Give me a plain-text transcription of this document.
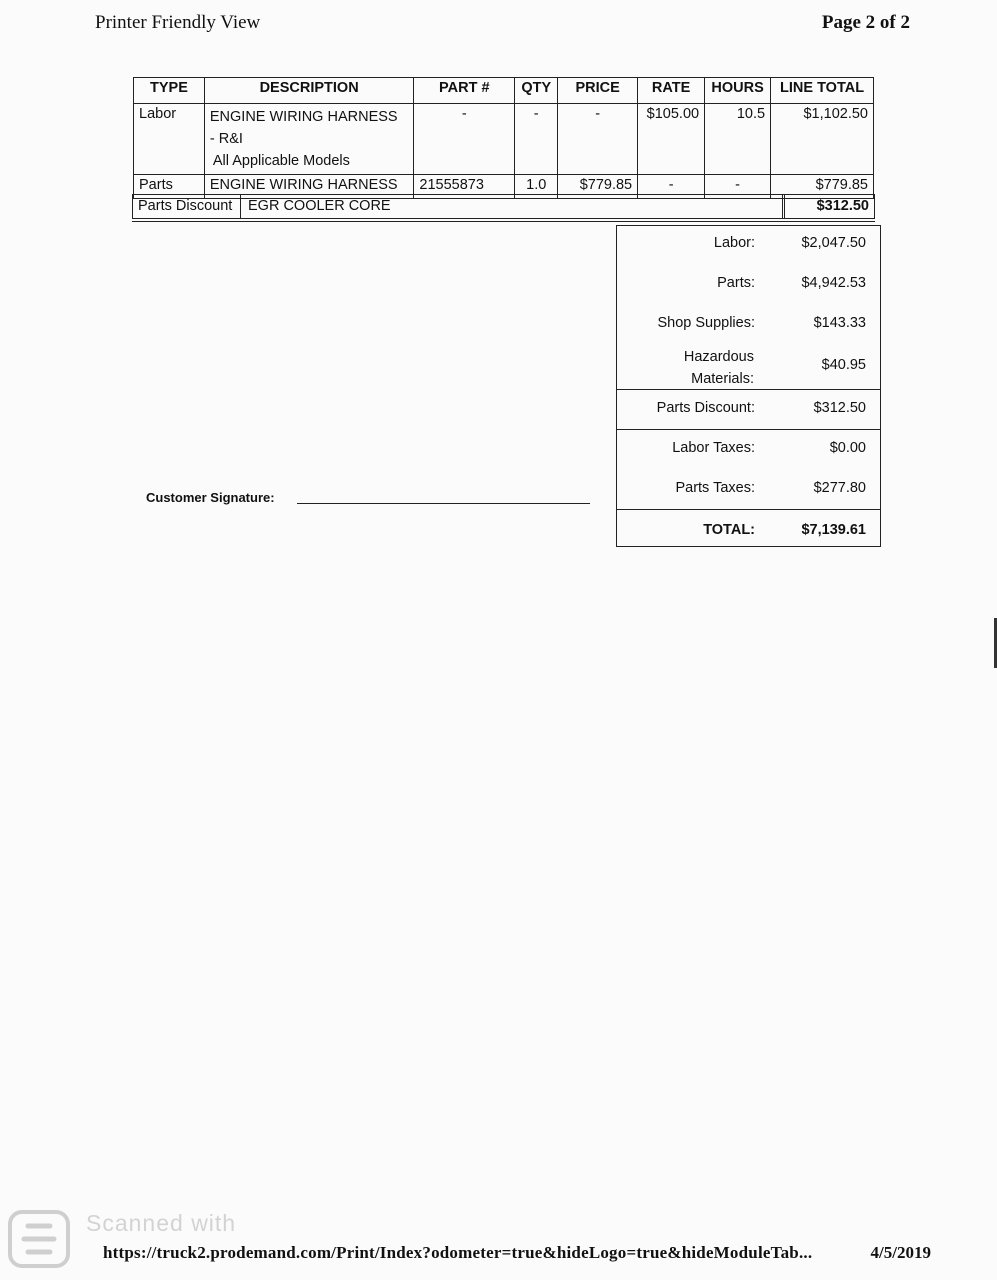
Printer Friendly View	Page 2 of 2
TYPE	DESCRIPTION	PART #	QTY	PRICE	RATE	HOURS	LINE TOTAL
Labor	ENGINE WIRING HARNESS
- R&I
All Applicable Models	-	-	-	$105.00	10.5	$1,102.50
Parts	ENGINE WIRING HARNESS	21555873	1.0	$779.85	-	-	$779.85
Parts Discount	EGR COOLER CORE	$312.50
Labor:	$2,047.50
Parts:	$4,942.53
Shop Supplies:	$143.33
Hazardous
Materials:
$40.95
Parts Discount:	$312.50
Labor Taxes:	$0.00
Parts Taxes:	$277.80
TOTAL:	$7,139.61
Customer Signature:
Scanned with
https://truck2.prodemand.com/Print/Index?odometer=true&hideLogo=true&hideModuleTab...	4/5/2019
